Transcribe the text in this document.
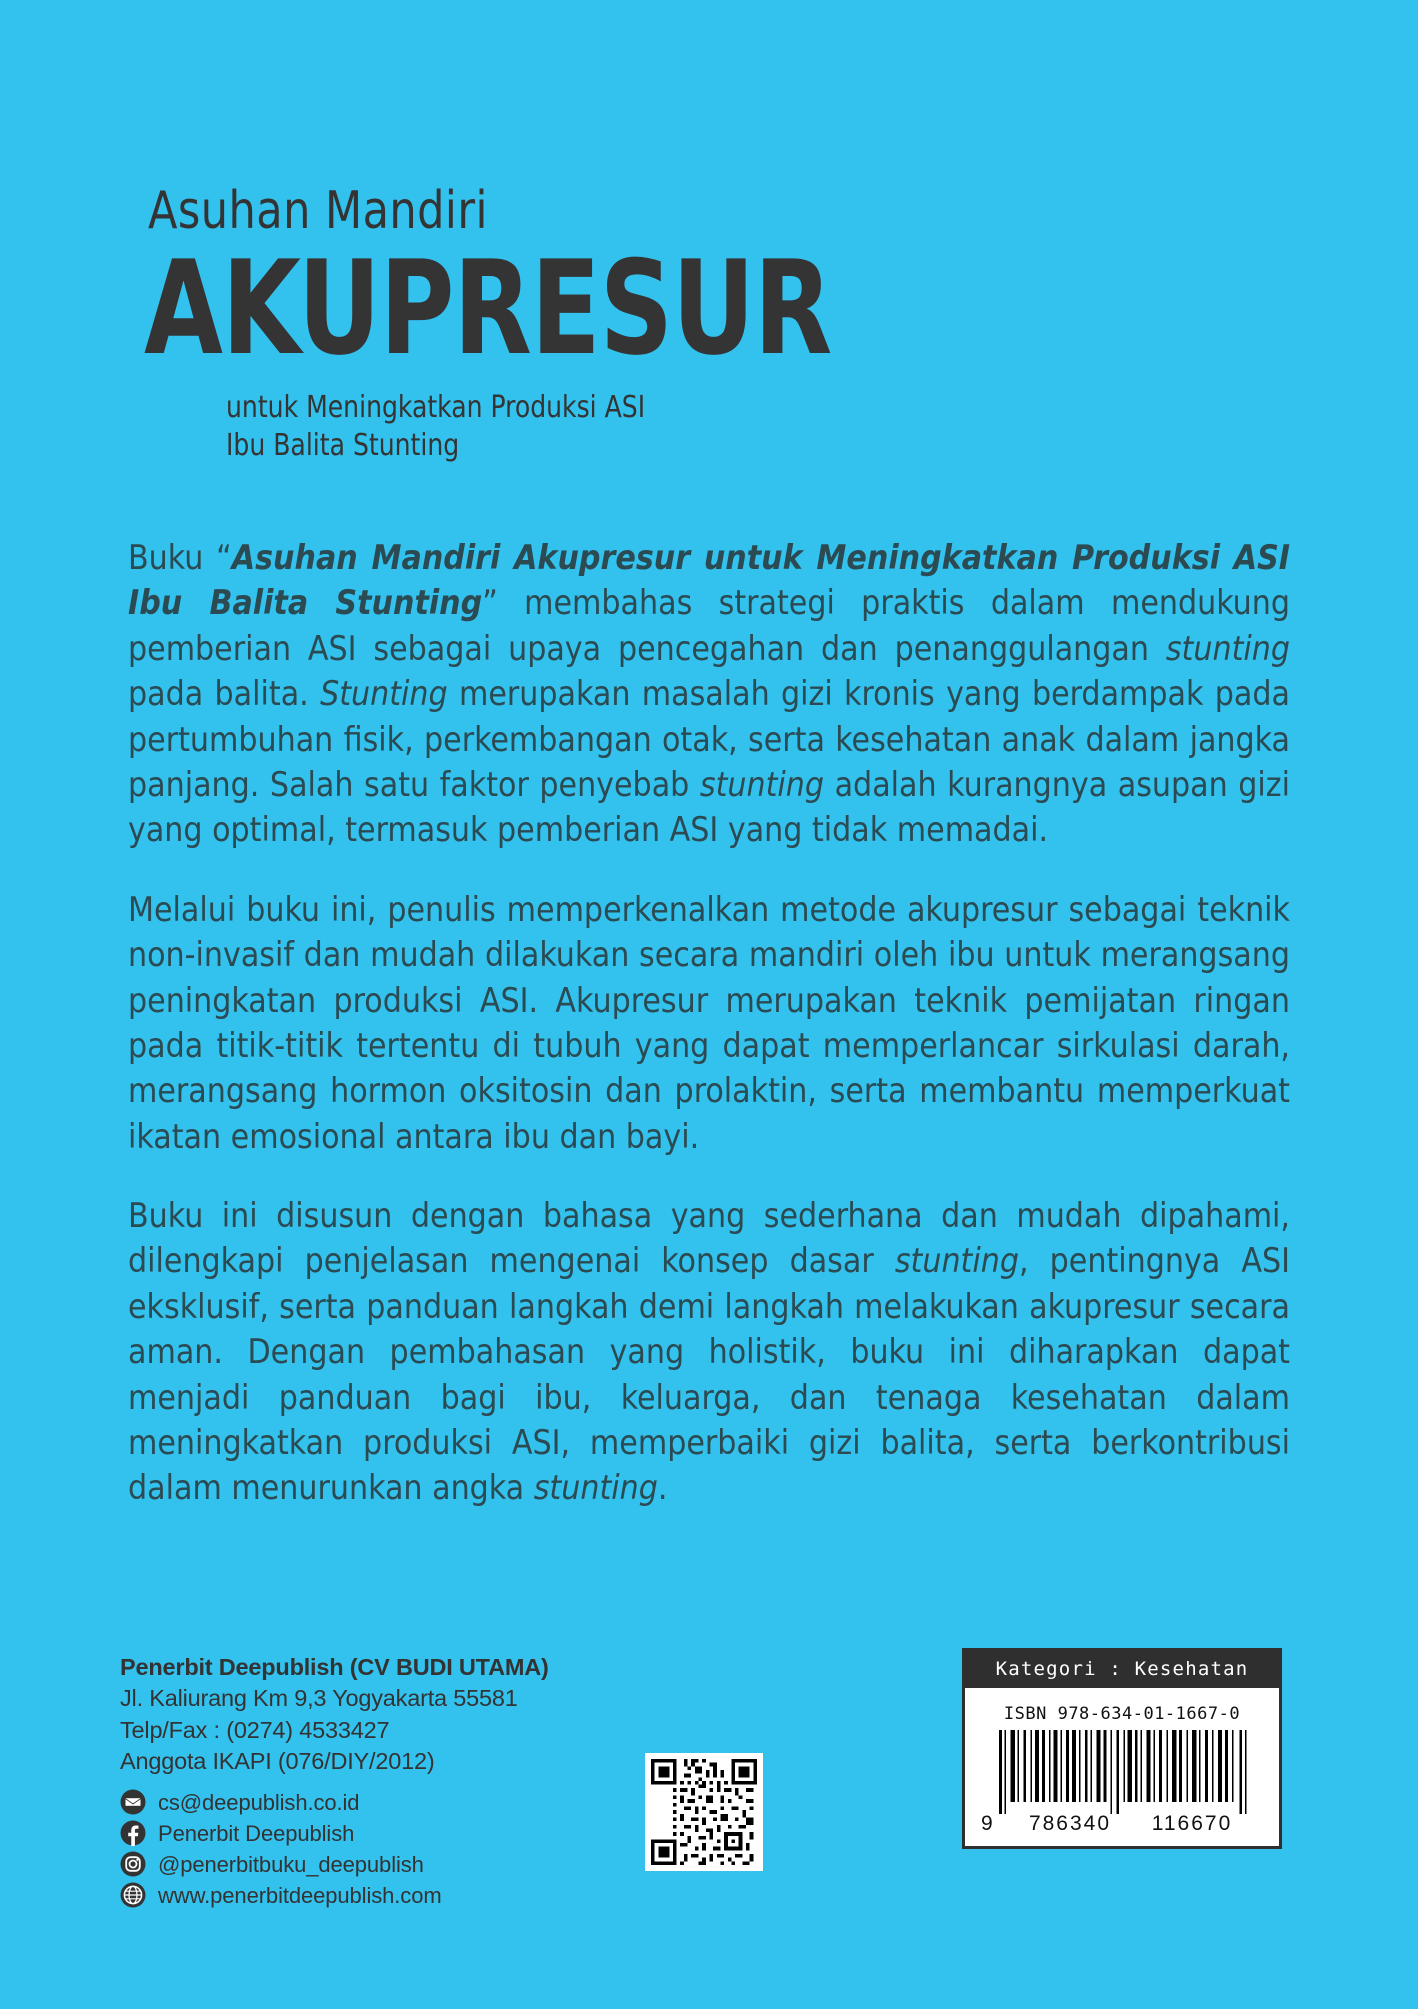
Asuhan Mandiri
AKUPRESUR
untuk Meningkatkan Produksi ASI
Ibu Balita Stunting

Buku “Asuhan Mandiri Akupresur untuk Meningkatkan Produksi ASI Ibu Balita Stunting” membahas strategi praktis dalam mendukung pemberian ASI sebagai upaya pencegahan dan penanggulangan stunting pada balita. Stunting merupakan masalah gizi kronis yang berdampak pada pertumbuhan fisik, perkembangan otak, serta kesehatan anak dalam jangka panjang. Salah satu faktor penyebab stunting adalah kurangnya asupan gizi yang optimal, termasuk pemberian ASI yang tidak memadai.

Melalui buku ini, penulis memperkenalkan metode akupresur sebagai teknik non-invasif dan mudah dilakukan secara mandiri oleh ibu untuk merangsang peningkatan produksi ASI. Akupresur merupakan teknik pemijatan ringan pada titik-titik tertentu di tubuh yang dapat memperlancar sirkulasi darah, merangsang hormon oksitosin dan prolaktin, serta membantu memperkuat ikatan emosional antara ibu dan bayi.

Buku ini disusun dengan bahasa yang sederhana dan mudah dipahami, dilengkapi penjelasan mengenai konsep dasar stunting, pentingnya ASI eksklusif, serta panduan langkah demi langkah melakukan akupresur secara aman. Dengan pembahasan yang holistik, buku ini diharapkan dapat menjadi panduan bagi ibu, keluarga, dan tenaga kesehatan dalam meningkatkan produksi ASI, memperbaiki gizi balita, serta berkontribusi dalam menurunkan angka stunting.

Penerbit Deepublish (CV BUDI UTAMA)
Jl. Kaliurang Km 9,3 Yogyakarta 55581
Telp/Fax : (0274) 4533427
Anggota IKAPI (076/DIY/2012)
cs@deepublish.co.id
Penerbit Deepublish
@penerbitbuku_deepublish
www.penerbitdeepublish.com
Kategori : Kesehatan
ISBN 978-634-01-1667-0
9	786340	116670
